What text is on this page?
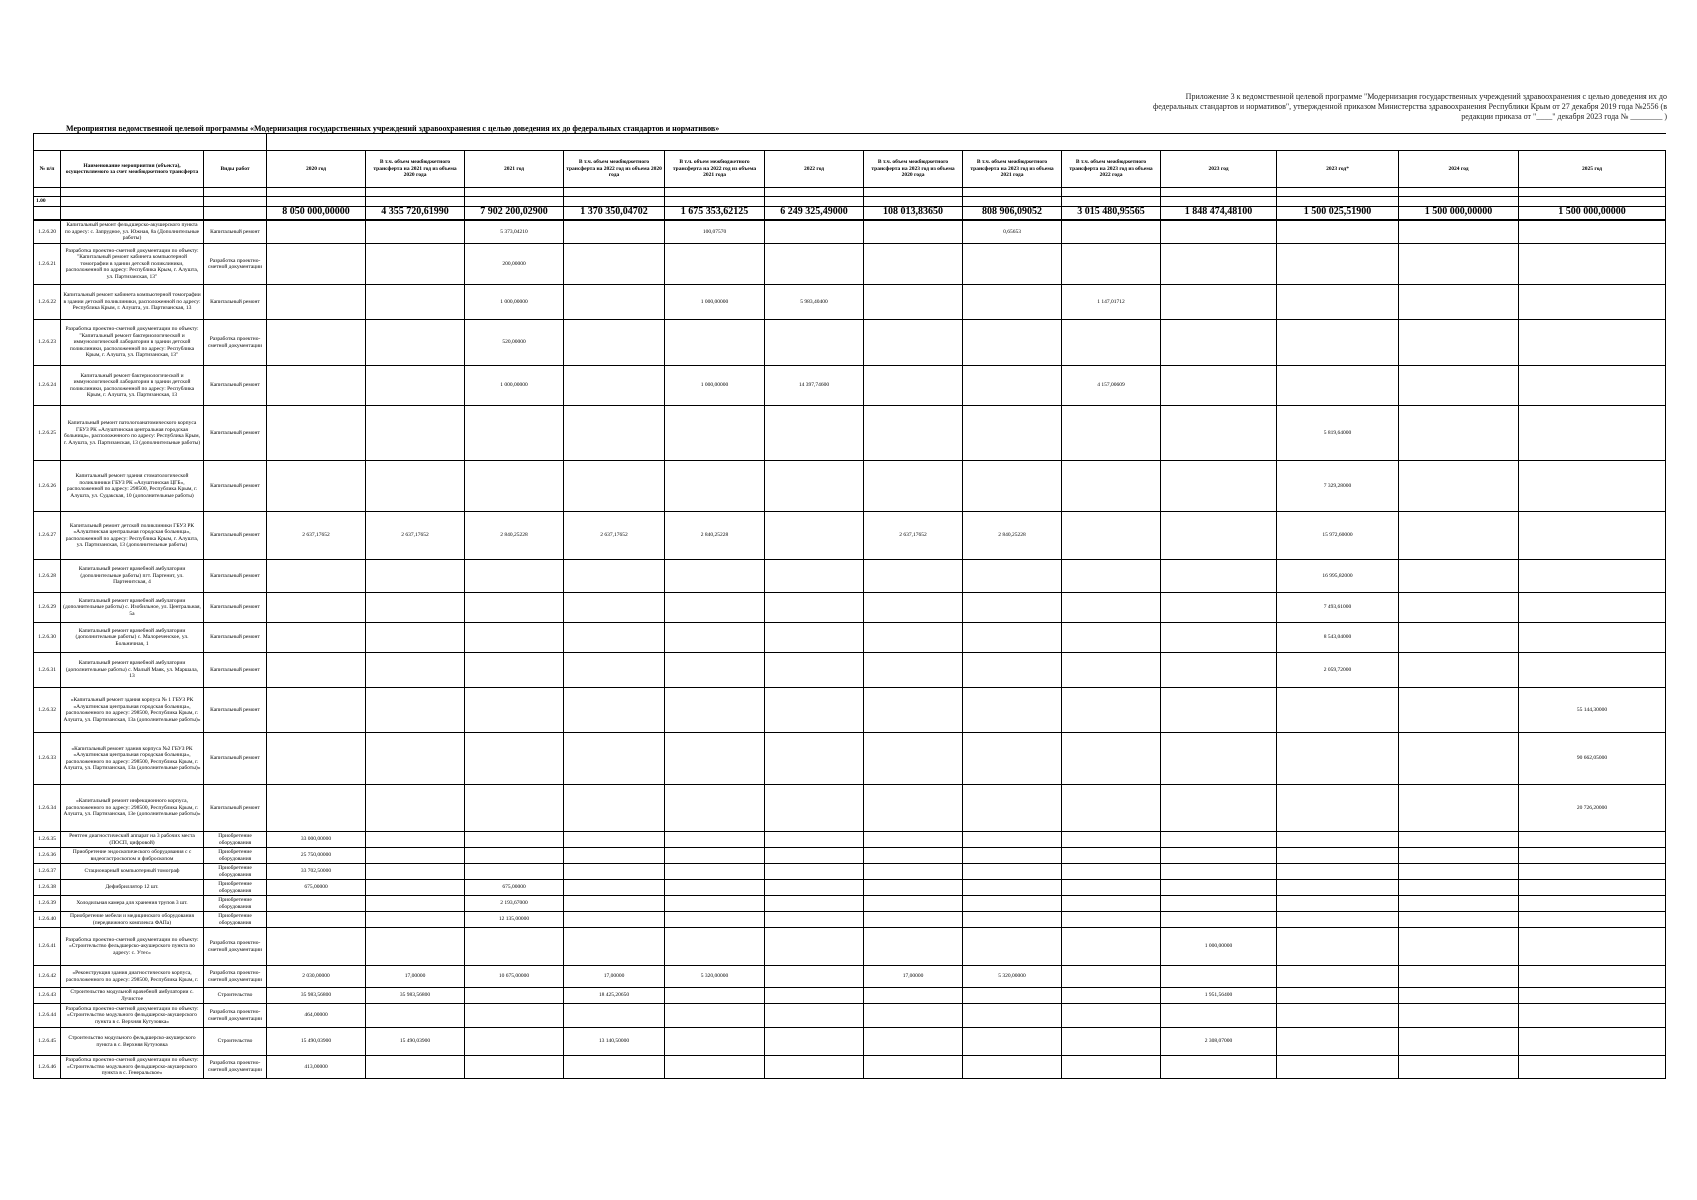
Приложение 3 к ведомственной целевой программе "Модернизация государственных учреждений здравоохранения с целью доведения их до федеральных стандартов и нормативов", утвержденной приказом Министерства здравоохранения Республики Крым от 27 декабря 2019 года №2556 (в редакции приказа от "____" декабря 2023 года № ________ )
Мероприятия ведомственной целевой программы «Модернизация государственных учреждений здравоохранения с целью доведения их до федеральных стандартов и нормативов»

№ п/п	Наименование мероприятия (объекта), осуществляемого за счет межбюджетного трансферта	Виды работ	2020 год	В т.ч. объем межбюджетного трансферта на 2021 год из объема 2020 года	2021 год	В т.ч. объем межбюджетного трансферта на 2022 год из объема 2020 года	В т.ч. объем межбюджетного трансферта на 2022 год из объема 2021 года	2022 год	В т.ч. объем межбюджетного трансферта на 2023 год из объема 2020 года	В т.ч. объем межбюджетного трансферта на 2023 год из объема 2021 года	В т.ч. объем межбюджетного трансферта на 2023 год из объема 2022 года	2023 год	2023 год*	2024 год	2025 год

1.00															
			8 050 000,00000	4 355 720,61990	7 902 200,02900	1 370 350,04702	1 675 353,62125	6 249 325,49000	108 013,83650	808 906,09052	3 015 480,95565	1 848 474,48100	1 500 025,51900	1 500 000,00000	1 500 000,00000
1.2.6.20	Капитальный ремонт фельдшерско-акушерского пункта по адресу: с. Запрудное, ул. Южная, 8а (Дополнительные работы)	Капитальный ремонт			5 373,04210		100,07570			0,65653					
1.2.6.21	Разработка проектно-сметной документации по объекту: "Капитальный ремонт кабинета компьютерной томографии в здании детской поликлиники, расположенной по адресу: Республика Крым, г. Алушта, ул. Партизанская, 13"	Разработка проектно-сметной документации			200,00000										
1.2.6.22	Капитальный ремонт кабинета компьютерной томографии в здании детской поликлиники, расположенной по адресу: Республика Крым, г. Алушта, ул. Партизанская, 13	Капитальный ремонт			1 000,00000		1 000,00000	5 983,40400			1 147,01712				
1.2.6.23	Разработка проектно-сметной документации по объекту: "Капитальный ремонт бактериологической и иммунологической лаборатории в здании детской поликлиники, расположенной по адресу: Республика Крым, г. Алушта, ул. Партизанская, 13"	Разработка проектно-сметной документации			520,00000										
1.2.6.24	Капитальный ремонт бактериологической и иммунологической лаборатории в здании детской поликлиники, расположенной по адресу: Республика Крым, г. Алушта, ул. Партизанская, 13	Капитальный ремонт			1 000,00000		1 000,00000	14 397,74600			4 157,00609				
1.2.6.25	Капитальный ремонт патологоанатомического корпуса ГБУЗ РК «Алуштинская центральная городская больница», расположенного по адресу: Республика Крым, г. Алушта, ул. Партизанская, 13 (дополнительные работы)	Капитальный ремонт											5 819,64000		
1.2.6.26	Капитальный ремонт здания стоматологической поликлиники ГБУЗ РК «Алуштинская ЦГБ», расположенной по адресу: 298500, Республика Крым, г. Алушта, ул. Судакская, 10 (дополнительные работы)	Капитальный ремонт											7 329,28000		
1.2.6.27	Капитальный ремонт детской поликлиники ГБУЗ РК «Алуштинская центральная городская больница», расположенной по адресу: Республика Крым, г. Алушта, ул. Партизанская, 13 (дополнительные работы)	Капитальный ремонт	2 637,17652	2 637,17652	2 840,25228	2 637,17652	2 840,25228		2 637,17652	2 840,25228			15 972,60000		
1.2.6.28	Капитальный ремонт врачебной амбулатории (дополнительные работы) пгт. Партенит, ул. Партенитская, 4	Капитальный ремонт											16 995,82000		
1.2.6.29	Капитальный ремонт врачебной амбулатории (дополнительные работы) с. Изобильное, ул. Центральная, 5а	Капитальный ремонт											7 493,61000		
1.2.6.30	Капитальный ремонт врачебной амбулатории (дополнительные работы) с. Малореченское, ул. Больничная, 1	Капитальный ремонт											8 543,04000		
1.2.6.31	Капитальный ремонт врачебной амбулатории (дополнительные работы) с. Малый Маяк, ул. Маршала, 13	Капитальный ремонт											2 059,72000		
1.2.6.32	«Капитальный ремонт здания корпуса № 1 ГБУЗ РК «Алуштинская центральная городская больница», расположенного по адресу: 298500, Республика Крым, г. Алушта, ул. Партизанская, 13а (дополнительные работы)»	Капитальный ремонт													55 144,30000
1.2.6.33	«Капитальный ремонт здания корпуса №2 ГБУЗ РК «Алуштинская центральная городская больница», расположенного по адресу: 298500, Республика Крым, г. Алушта, ул. Партизанская, 13а (дополнительные работы)»	Капитальный ремонт													90 662,05000
1.2.6.34	«Капитальный ремонт инфекционного корпуса, расположенного по адресу: 298500, Республика Крым, г. Алушта, ул. Партизанская, 13е (дополнительные работы)»	Капитальный ремонт													20 726,20000
1.2.6.35	Рентген диагностический аппарат на 3 рабочих места (ПОСП, цифровой)	Приобретение оборудования	33 000,00000												
1.2.6.36	Приобретение эндоскопического оборудования с с видеогастроскопом и фиброскопом	Приобретение оборудования	25 750,00000												
1.2.6.37	Стационарный компьютерный томограф	Приобретение оборудования	33 702,50000												
1.2.6.38	Дефибриллятор 12 шт.	Приобретение оборудования	675,00000		675,00000										
1.2.6.39	Холодильная камера для хранения трупов 3 шт.	Приобретение оборудования			2 193,67000										
1.2.6.40	Приобретение мебели и медицинского оборудования (передвижного комплекса ФАПа)	Приобретение оборудования			12 135,00000										
1.2.6.41	Разработка проектно-сметной документации по объекту: «Строительство фельдшерско-акушерского пункта по адресу: с. Утес»	Разработка проектно-сметной документации										1 000,00000			
1.2.6.42	«Реконструкция здания диагностического корпуса, расположенного по адресу: 298500, Республика Крым, г.	Разработка проектно-сметной документации	2 030,00000	17,00000	10 675,00000	17,00000	5 320,00000		17,00000	5 320,00000					
1.2.6.43	Строительство модульной врачебной амбулатории с. Лучистое	Строительство	35 983,56800	35 983,56800		18 425,20650						1 951,56400			
1.2.6.44	Разработка проектно-сметной документации по объекту: «Строительство модульного фельдшерско-акушерского пункта в с. Верхняя Кутузовка»	Разработка проектно-сметной документации	464,00000												
1.2.6.45	Строительство модульного фельдшерско-акушерского пункта в с. Верхняя Кутузовка	Строительство	15 490,03900	15 490,03900		13 140,50000						2 308,07000			
1.2.6.46	Разработка проектно-сметной документации по объекту: «Строительство модульного фельдшерско-акушерского пункта в с. Генеральское»	Разработка проектно-сметной документации	413,00000												
